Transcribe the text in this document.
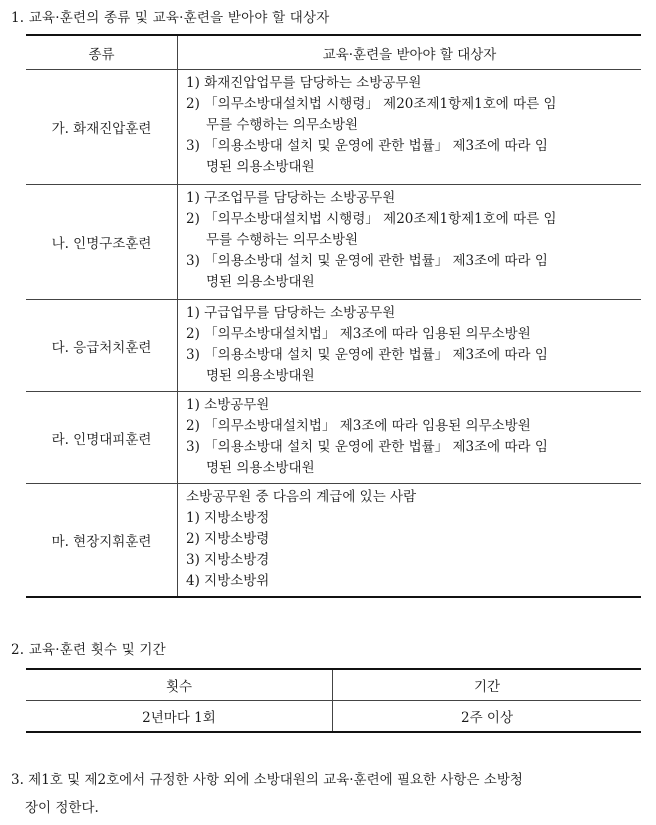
1. 교육·훈련의 종류 및 교육·훈련을 받아야 할 대상자
종류	교육·훈련을 받아야 할 대상자
가. 화재진압훈련	1) 화재진압업무를 담당하는 소방공무원
2) 「의무소방대설치법 시행령」 제20조제1항제1호에 따른 임
무를 수행하는 의무소방원
3) 「의용소방대 설치 및 운영에 관한 법률」 제3조에 따라 임
명된 의용소방대원

나. 인명구조훈련	1) 구조업무를 담당하는 소방공무원
2) 「의무소방대설치법 시행령」 제20조제1항제1호에 따른 임
무를 수행하는 의무소방원
3) 「의용소방대 설치 및 운영에 관한 법률」 제3조에 따라 임
명된 의용소방대원

다. 응급처치훈련	1) 구급업무를 담당하는 소방공무원
2) 「의무소방대설치법」 제3조에 따라 임용된 의무소방원
3) 「의용소방대 설치 및 운영에 관한 법률」 제3조에 따라 임
명된 의용소방대원

라. 인명대피훈련	1) 소방공무원
2) 「의무소방대설치법」 제3조에 따라 임용된 의무소방원
3) 「의용소방대 설치 및 운영에 관한 법률」 제3조에 따라 임
명된 의용소방대원

마. 현장지휘훈련	소방공무원 중 다음의 계급에 있는 사람
1) 지방소방정
2) 지방소방령
3) 지방소방경
4) 지방소방위
2. 교육·훈련 횟수 및 기간
횟수	기간
2년마다 1회	2주 이상
3. 제1호 및 제2호에서 규정한 사항 외에 소방대원의 교육·훈련에 필요한 사항은 소방청
장이 정한다.
